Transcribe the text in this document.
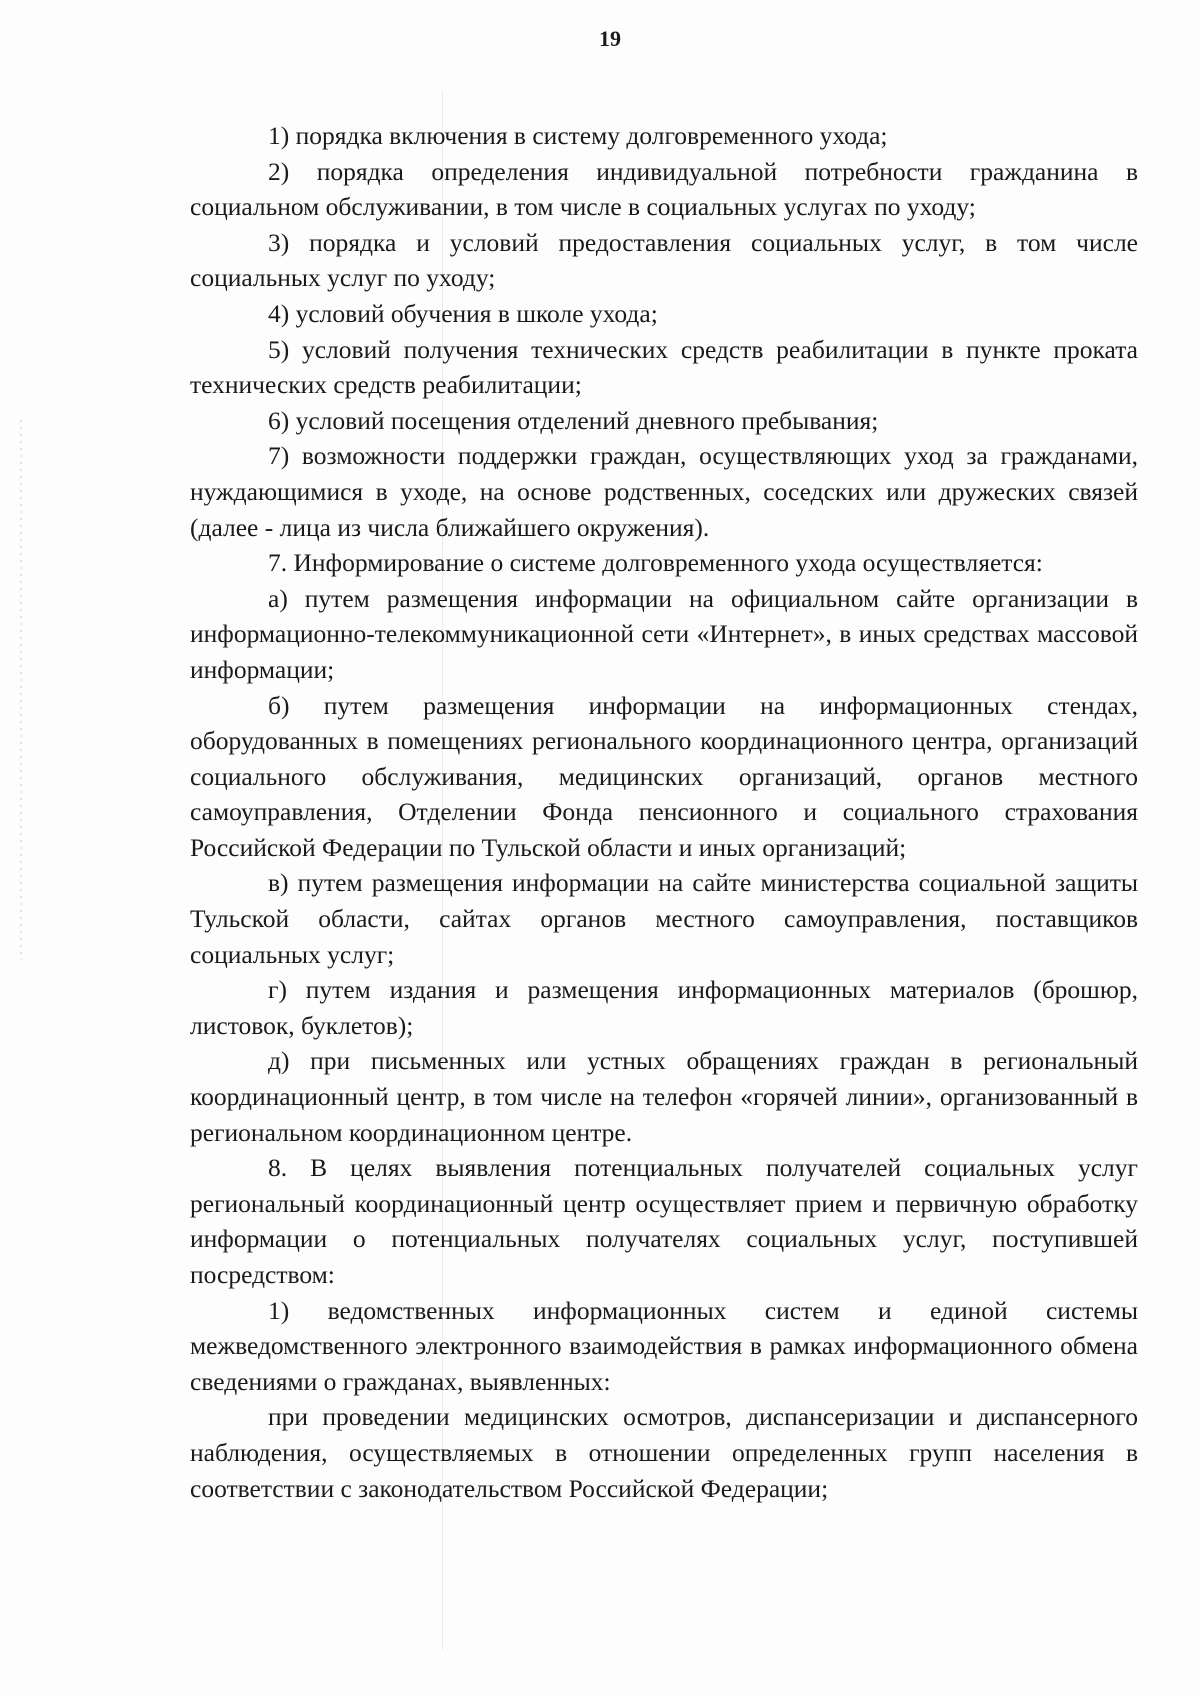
19

1) порядка включения в систему долговременного ухода;

2) порядка определения индивидуальной потребности гражданина в социальном обслуживании, в том числе в социальных услугах по уходу;

3) порядка и условий предоставления социальных услуг, в том числе социальных услуг по уходу;

4) условий обучения в школе ухода;

5) условий получения технических средств реабилитации в пункте проката технических средств реабилитации;

6) условий посещения отделений дневного пребывания;

7) возможности поддержки граждан, осуществляющих уход за гражданами, нуждающимися в уходе, на основе родственных, соседских или дружеских связей (далее - лица из числа ближайшего окружения).

7. Информирование о системе долговременного ухода осуществляется:

а) путем размещения информации на официальном сайте организации в информационно-телекоммуникационной сети «Интернет», в иных средствах массовой информации;

б) путем размещения информации на информационных стендах, оборудованных в помещениях регионального координационного центра, организаций социального обслуживания, медицинских организаций, органов местного самоуправления, Отделении Фонда пенсионного и социального страхования Российской Федерации по Тульской области и иных организаций;

в) путем размещения информации на сайте министерства социальной защиты Тульской области, сайтах органов местного самоуправления, поставщиков социальных услуг;

г) путем издания и размещения информационных материалов (брошюр, листовок, буклетов);

д) при письменных или устных обращениях граждан в региональный координационный центр, в том числе на телефон «горячей линии», организованный в региональном координационном центре.

8. В целях выявления потенциальных получателей социальных услуг региональный координационный центр осуществляет прием и первичную обработку информации о потенциальных получателях социальных услуг, поступившей посредством:

1) ведомственных информационных систем и единой системы межведомственного электронного взаимодействия в рамках информационного обмена сведениями о гражданах, выявленных:

при проведении медицинских осмотров, диспансеризации и диспансерного наблюдения, осуществляемых в отношении определенных групп населения в соответствии с законодательством Российской Федерации;
